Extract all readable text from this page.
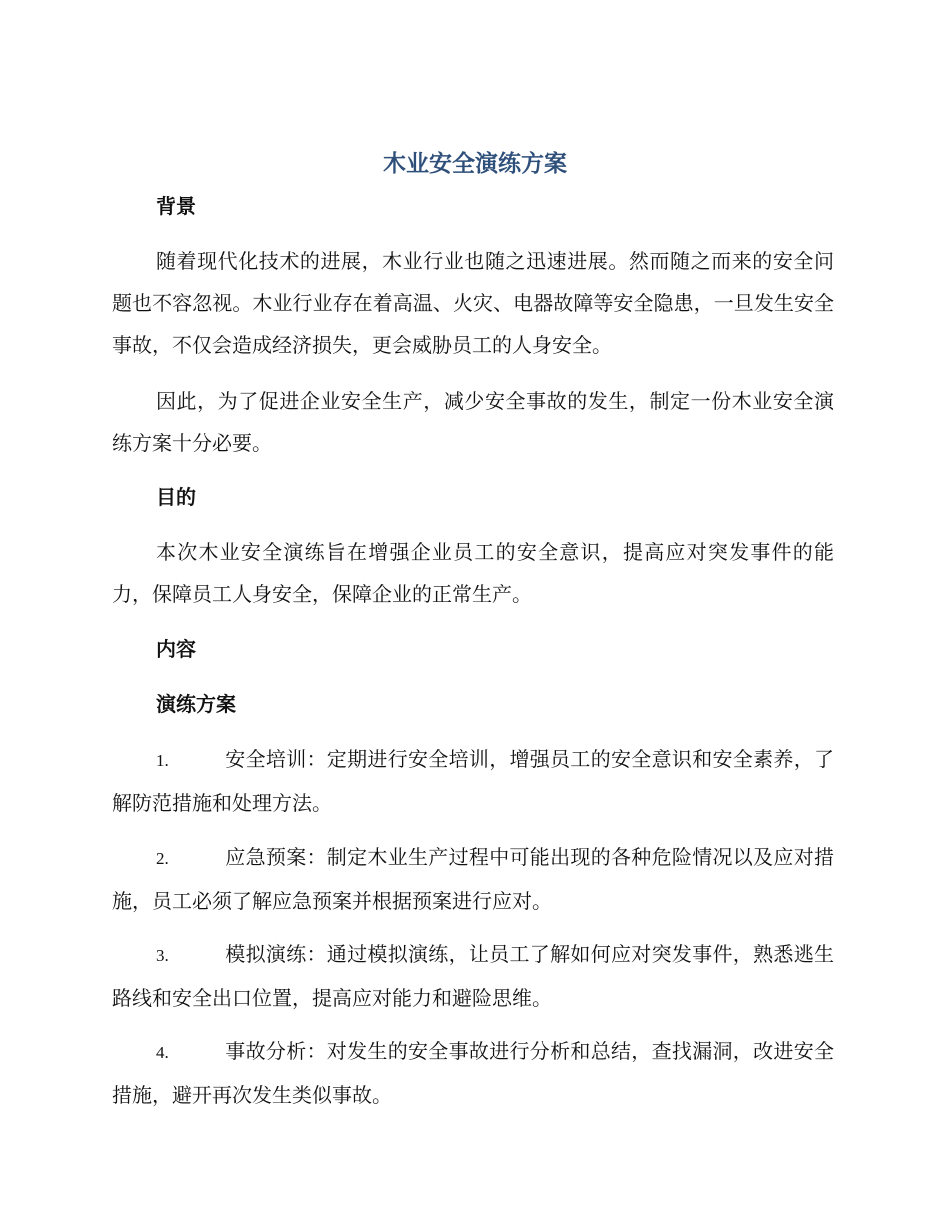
木业安全演练方案
背景

随着现代化技术的进展，木业行业也随之迅速进展。然而随之而来的安全问题也不容忽视。木业行业存在着高温、火灾、电器故障等安全隐患，一旦发生安全事故，不仅会造成经济损失，更会威胁员工的人身安全。

因此，为了促进企业安全生产，减少安全事故的发生，制定一份木业安全演练方案十分必要。

目的

本次木业安全演练旨在增强企业员工的安全意识，提高应对突发事件的能力，保障员工人身安全，保障企业的正常生产。

内容
演练方案

1.	安全培训：定期进行安全培训，增强员工的安全意识和安全素养，了解防范措施和处理方法。

2.	应急预案：制定木业生产过程中可能出现的各种危险情况以及应对措施，员工必须了解应急预案并根据预案进行应对。

3.	模拟演练：通过模拟演练，让员工了解如何应对突发事件，熟悉逃生路线和安全出口位置，提高应对能力和避险思维。

4.	事故分析：对发生的安全事故进行分析和总结，查找漏洞，改进安全措施，避开再次发生类似事故。
